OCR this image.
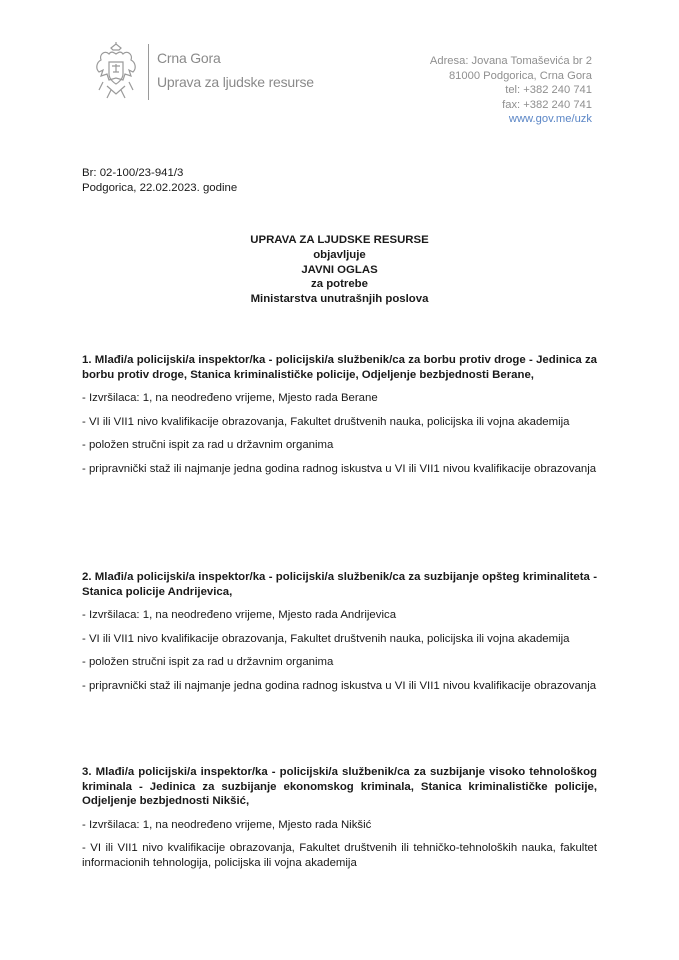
Crna Gora
Uprava za ljudske resurse
Adresa: Jovana Tomaševića br 2
81000 Podgorica, Crna Gora
tel: +382 240 741
fax: +382 240 741
www.gov.me/uzk
Br: 02-100/23-941/3
Podgorica, 22.02.2023. godine
UPRAVA ZA LJUDSKE RESURSE
objavljuje
JAVNI OGLAS
za potrebe
Ministarstva unutrašnjih poslova
1. Mlađi/a policijski/a inspektor/ka - policijski/a službenik/ca za borbu protiv droge - Jedinica za borbu protiv droge, Stanica kriminalističke policije, Odjeljenje bezbjednosti Berane,
- Izvršilaca: 1, na neodređeno vrijeme, Mjesto rada Berane
- VI ili VII1 nivo kvalifikacije obrazovanja, Fakultet društvenih nauka, policijska ili vojna akademija
- položen stručni ispit za rad u državnim organima
- pripravnički staž ili najmanje jedna godina radnog iskustva u VI ili VII1 nivou kvalifikacije obrazovanja
2. Mlađi/a policijski/a inspektor/ka - policijski/a službenik/ca za suzbijanje opšteg kriminaliteta - Stanica policije Andrijevica,
- Izvršilaca: 1, na neodređeno vrijeme, Mjesto rada Andrijevica
- VI ili VII1 nivo kvalifikacije obrazovanja, Fakultet društvenih nauka, policijska ili vojna akademija
- položen stručni ispit za rad u državnim organima
- pripravnički staž ili najmanje jedna godina radnog iskustva u VI ili VII1 nivou kvalifikacije obrazovanja
3. Mlađi/a policijski/a inspektor/ka - policijski/a službenik/ca za suzbijanje visoko tehnološkog kriminala - Jedinica za suzbijanje ekonomskog kriminala, Stanica kriminalističke policije, Odjeljenje bezbjednosti Nikšić,
- Izvršilaca: 1, na neodređeno vrijeme, Mjesto rada Nikšić
- VI ili VII1 nivo kvalifikacije obrazovanja, Fakultet društvenih ili tehničko-tehnoloških nauka, fakultet informacionih tehnologija, policijska ili vojna akademija
